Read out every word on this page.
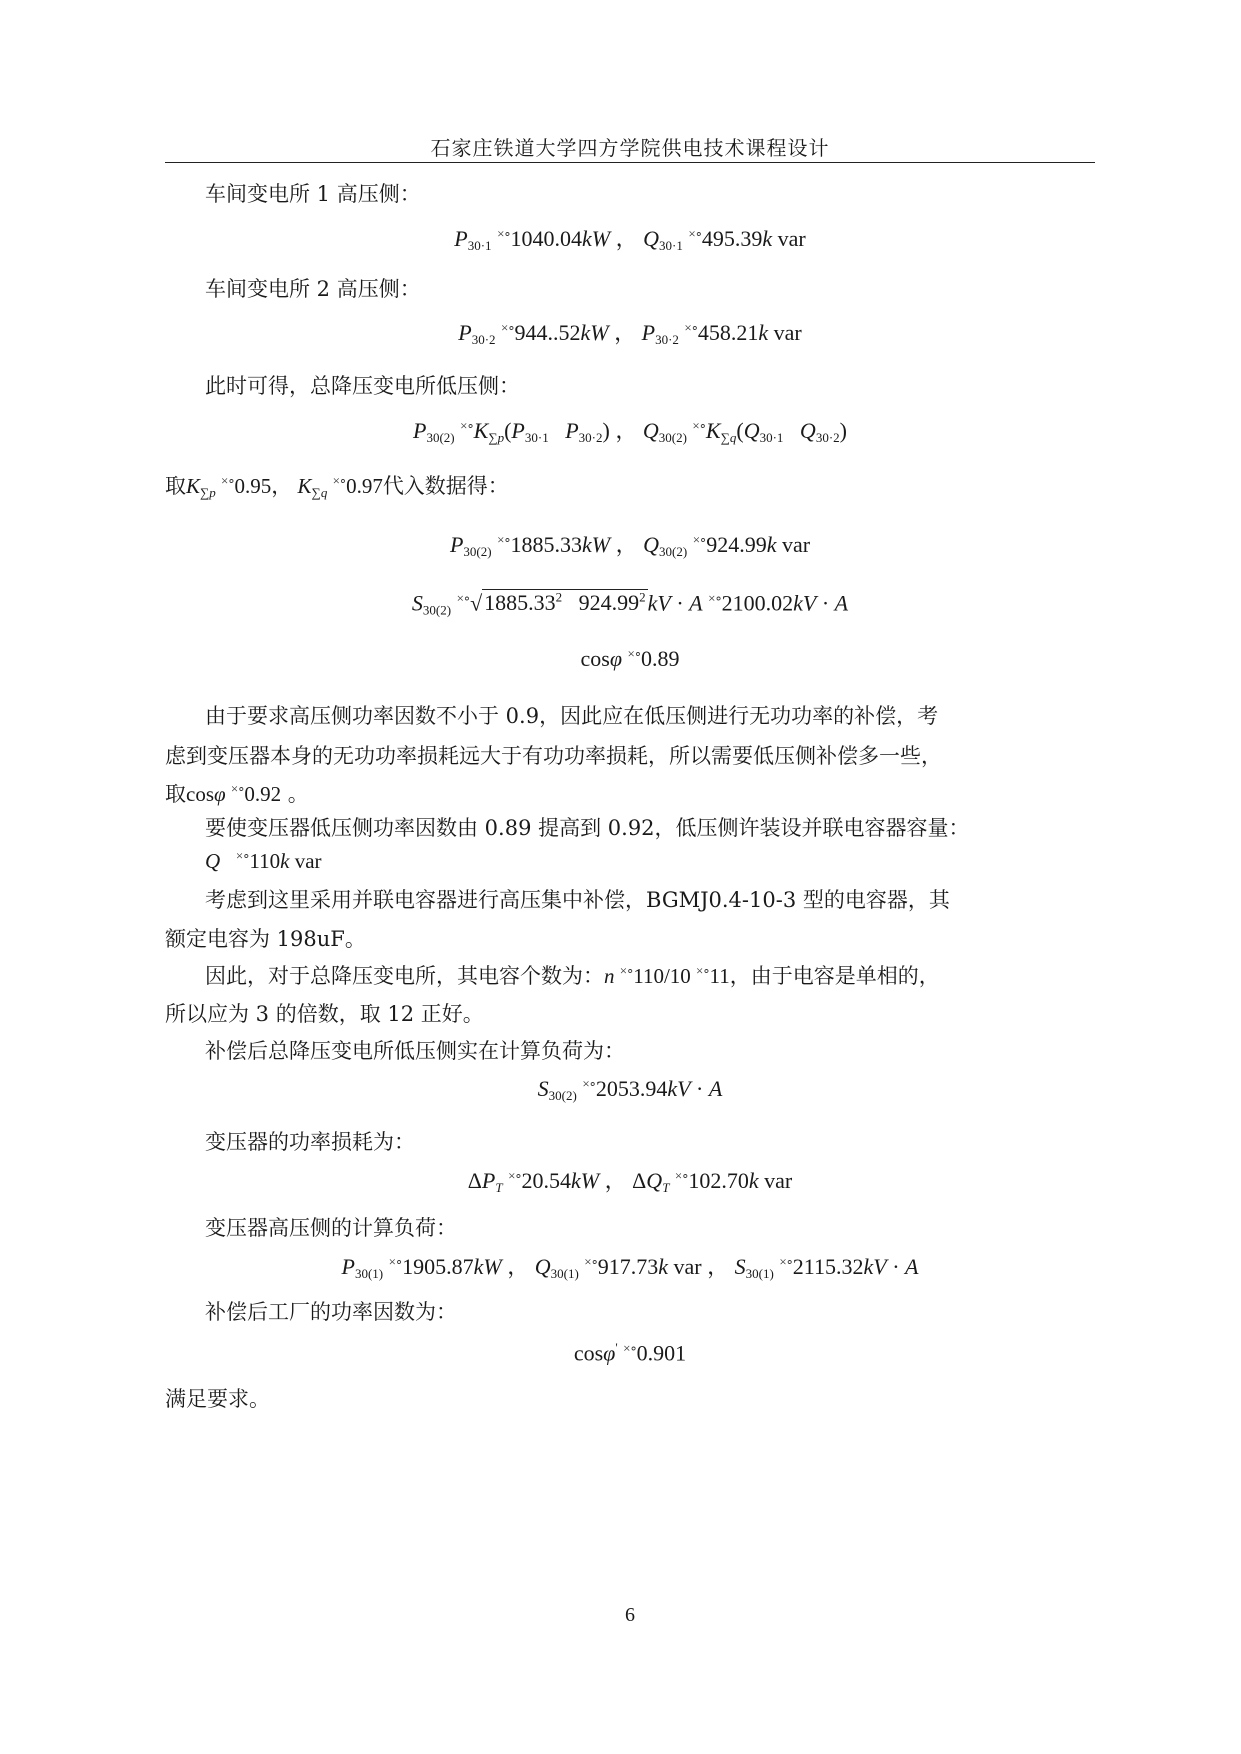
石家庄铁道大学四方学院供电技术课程设计
车间变电所 1 高压侧：
$P_{30\cdot 1}$ ×∘1040.04kW ， $Q_{30\cdot 1}$ ×∘495.39k var
车间变电所 2 高压侧：
$P_{30\cdot 2}$ ×∘944..52kW ， $P_{30\cdot 2}$ ×∘458.21k var
此时可得，总降压变电所低压侧：
$P_{30(2)}$ $^{\times\circ}K_{\sum p}(P_{30\cdot 1}$ $P_{30\cdot 2}$) ， $Q_{30(2)}$ $^{\times\circ}K_{\sum q}(Q_{30\cdot 1}$ $Q_{30\cdot 2}$)
取$K_{\sum p}$ ×∘0.95， $K_{\sum q}$ ×∘0.97代入数据得：
$P_{30(2)}$ ×∘1885.33kW ， $Q_{30(2)}$ ×∘924.99k var
$S_{30(2)}$ ×∘√1885.33$^2$ $924.99^2kV \cdot A$ ×∘2100.02kV · A
cosφ ×∘0.89
由于要求高压侧功率因数不小于 0.9，因此应在低压侧进行无功功率的补偿，考
虑到变压器本身的无功功率损耗远大于有功功率损耗，所以需要低压侧补偿多一些，
取cosφ ×∘0.92 。
要使变压器低压侧功率因数由 0.89 提高到 0.92，低压侧许装设并联电容器容量：
Q ×∘110k var
考虑到这里采用并联电容器进行高压集中补偿，BGMJ0.4-10-3 型的电容器，其
额定电容为 198uF。
因此，对于总降压变电所，其电容个数为：n ×∘110/10 ×∘11，由于电容是单相的，
所以应为 3 的倍数，取 12 正好。
补偿后总降压变电所低压侧实在计算负荷为：
$S_{30(2)}$ ×∘2053.94kV · A
变压器的功率损耗为：
$\Delta P_T$ ×∘20.54kW ， $\Delta Q_T$ ×∘102.70k var
变压器高压侧的计算负荷：
$P_{30(1)}$ ×∘1905.87kW ， $Q_{30(1)}$ ×∘917.73k var ， $S_{30(1)}$ ×∘2115.32kV · A
补偿后工厂的功率因数为：
cosφ' ×∘0.901
满足要求。
6
